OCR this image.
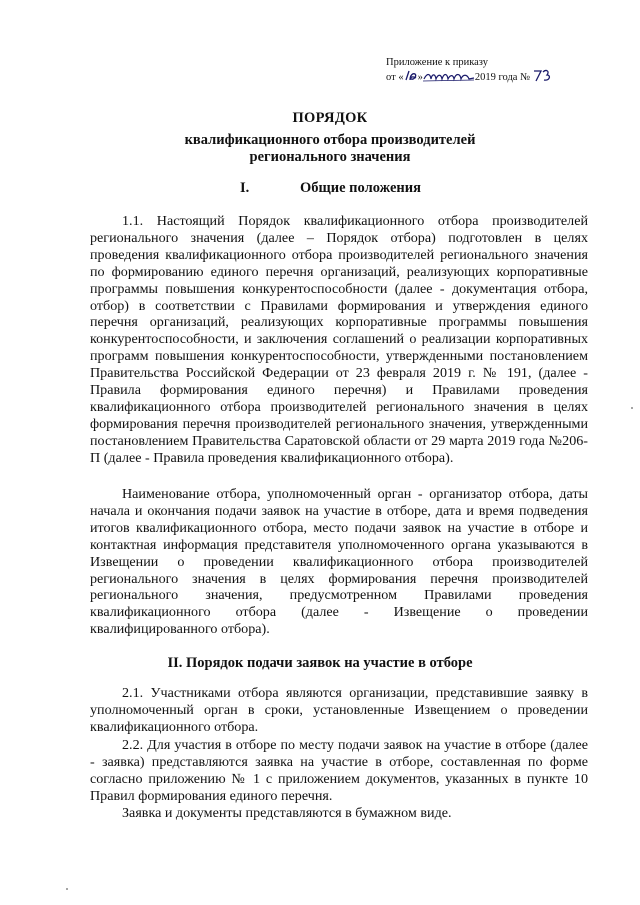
Приложение к приказу
от « »	2019 года №
ПОРЯДОК
квалификационного отбора производителей
регионального значения
I.	Общие положения

1.1. Настоящий Порядок квалификационного отбора производителей регионального значения (далее – Порядок отбора) подготовлен в целях проведения квалификационного отбора производителей регионального значения по формированию единого перечня организаций, реализующих корпоративные программы повышения конкурентоспособности (далее - документация отбора, отбор) в соответствии с Правилами формирования и утверждения единого перечня организаций, реализующих корпоративные программы повышения конкурентоспособности, и заключения соглашений о реализации корпоративных программ повышения конкурентоспособности, утвержденными постановлением Правительства Российской Федерации от 23 февраля 2019 г. № 191, (далее - Правила формирования единого перечня) и Правилами проведения квалификационного отбора производителей регионального значения в целях формирования перечня производителей регионального значения, утвержденными постановлением Правительства Саратовской области от 29 марта 2019 года №206-П (далее - Правила проведения квалификационного отбора).

Наименование отбора, уполномоченный орган - организатор отбора, даты начала и окончания подачи заявок на участие в отборе, дата и время подведения итогов квалификационного отбора, место подачи заявок на участие в отборе и контактная информация представителя уполномоченного органа указываются в Извещении о проведении квалификационного отбора производителей регионального значения в целях формирования перечня производителей регионального значения, предусмотренном Правилами проведения квалификационного отбора (далее - Извещение о проведении квалифицированного отбора).

II. Порядок подачи заявок на участие в отборе

2.1. Участниками отбора являются организации, представившие заявку в уполномоченный орган в сроки, установленные Извещением о проведении квалификационного отбора.

2.2. Для участия в отборе по месту подачи заявок на участие в отборе (далее - заявка) представляются заявка на участие в отборе, составленная по форме согласно приложению № 1 с приложением документов, указанных в пункте 10 Правил формирования единого перечня.

Заявка и документы представляются в бумажном виде.
